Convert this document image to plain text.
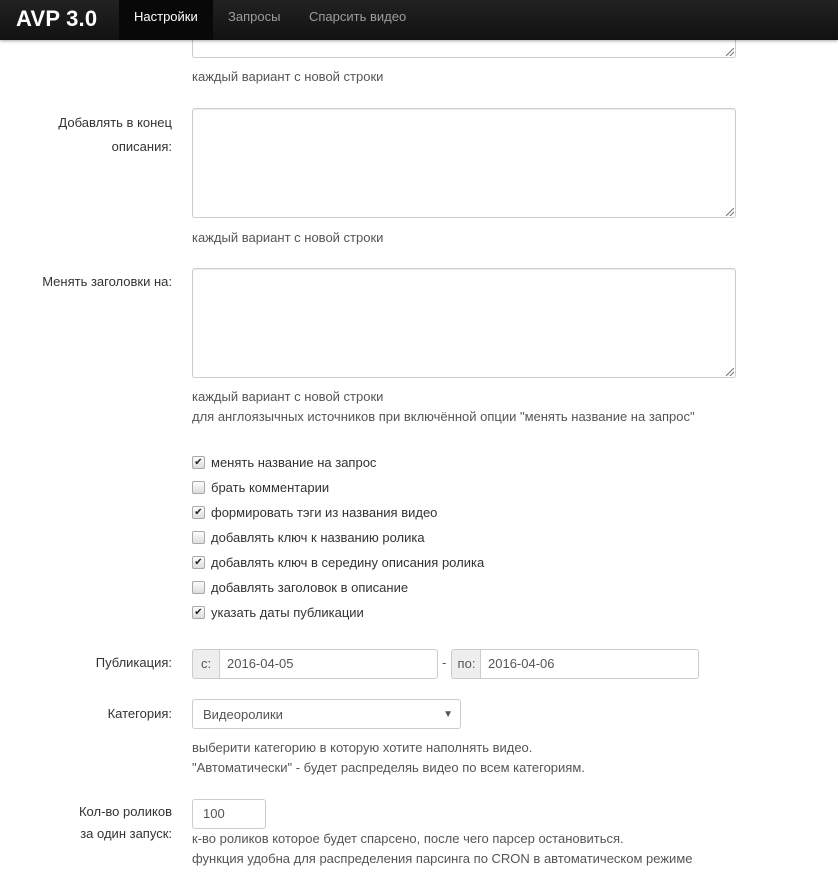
каждый вариант с новой строки
Добавлять в конец
описания:
каждый вариант с новой строки
Менять заголовки на:
каждый вариант с новой строки
для англоязычных источников при включённой опции "менять название на запрос"
✔ менять название на запрос
брать комментарии
✔ формировать тэги из названия видео
добавлять ключ к названию ролика
✔ добавлять ключ в середину описания ролика
добавлять заголовок в описание
✔ указать даты публикации
Публикация:	с:	2016-04-05	- по: 2016-04-06
Категория:	Видеоролики	▼
выберити категорию в которую хотите наполнять видео.
"Автоматически" - будет распределяь видео по всем категориям.
Кол-во роликов
за один запуск:
100
к-во роликов которое будет спарсено, после чего парсер остановиться.
функция удобна для распределения парсинга по CRON в автоматическом режиме
AVP 3.0	Настройки	Запросы	Спарсить видео
